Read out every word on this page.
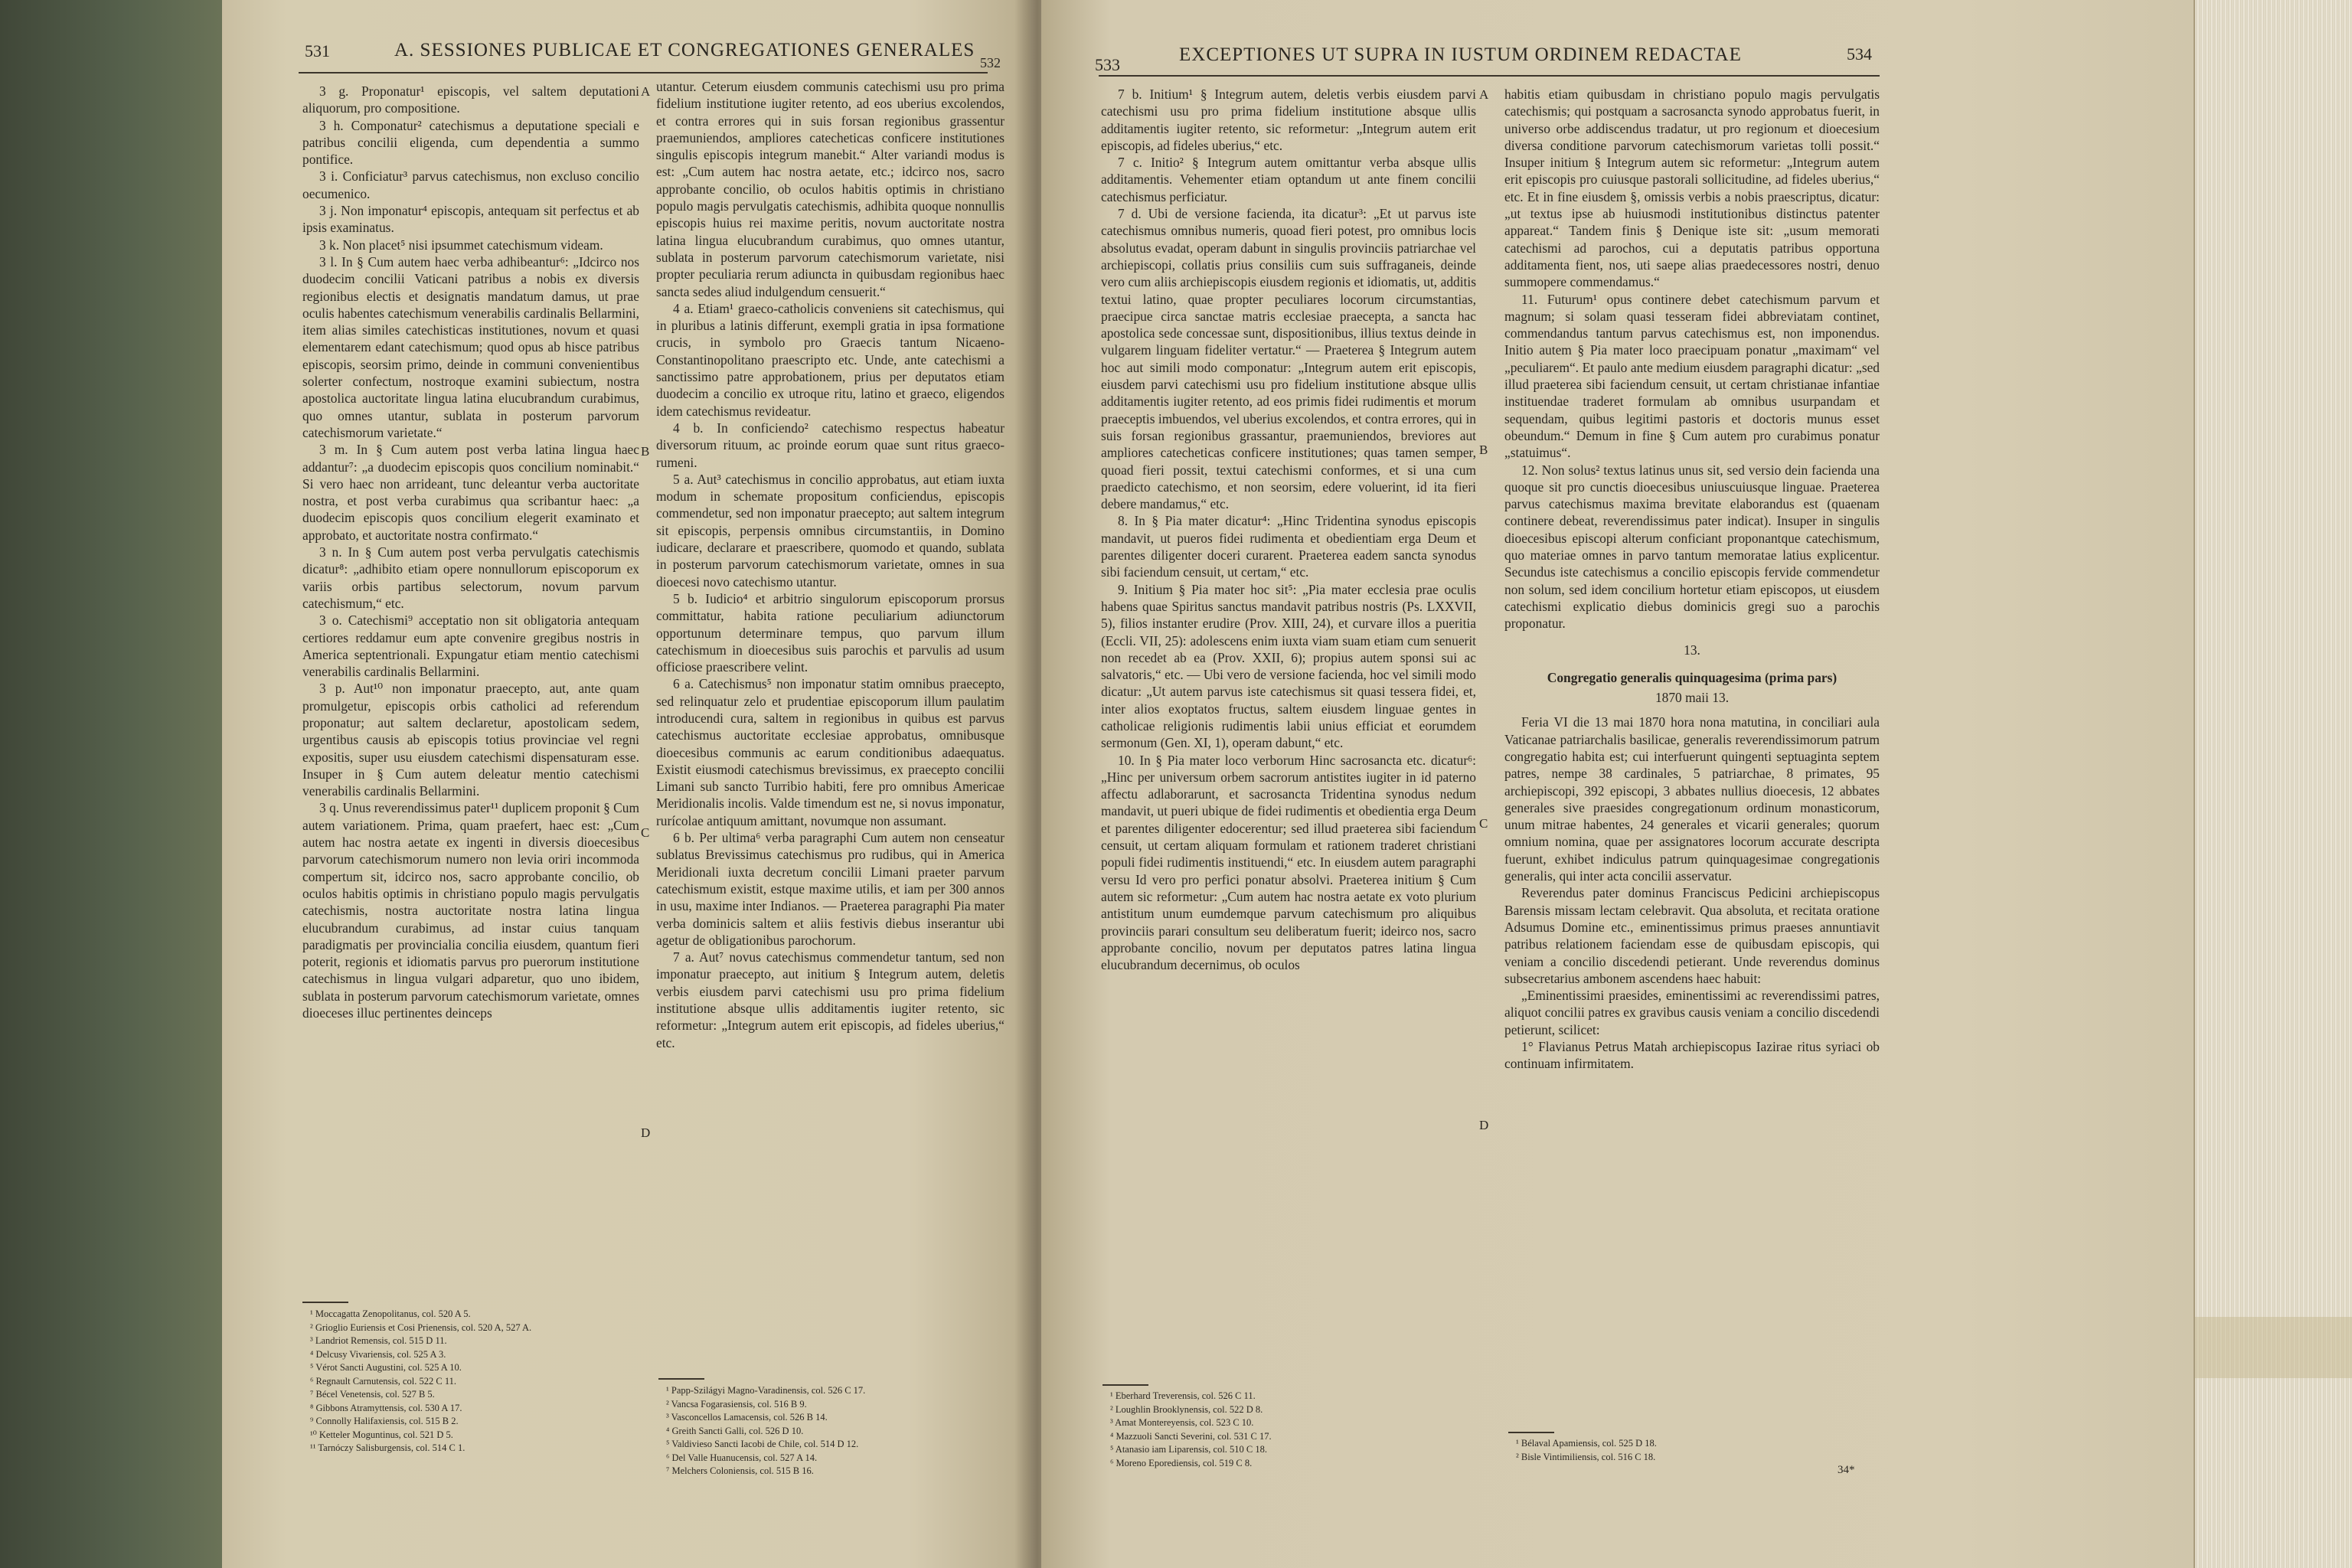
531	A. SESSIONES PUBLICAE ET CONGREGATIONES GENERALES
532

3 g. Proponatur¹ episcopis, vel saltem deputationi aliquorum, pro compositione.

3 h. Componatur² catechismus a deputatione speciali e patribus concilii eligenda, cum dependentia a summo pontifice.

3 i. Conficiatur³ parvus catechismus, non excluso concilio oecumenico.

3 j. Non imponatur⁴ episcopis, antequam sit perfectus et ab ipsis examinatus.

3 k. Non placet⁵ nisi ipsummet catechismum videam.

3 l. In § Cum autem haec verba adhibeantur⁶: „Idcirco nos duodecim concilii Vaticani patribus a nobis ex diversis regionibus electis et designatis mandatum damus, ut prae oculis habentes catechismum venerabilis cardinalis Bellarmini, item alias similes catechisticas institutiones, novum et quasi elementarem edant catechismum; quod opus ab hisce patribus episcopis, seorsim primo, deinde in communi convenientibus solerter confectum, nostroque examini subiectum, nostra apostolica auctoritate lingua latina elucubrandum curabimus, quo omnes utantur, sublata in posterum parvorum catechismorum varietate.“

3 m. In § Cum autem post verba latina lingua haec addantur⁷: „a duodecim episcopis quos concilium nominabit.“ Si vero haec non arrideant, tunc deleantur verba auctoritate nostra, et post verba curabimus qua scribantur haec: „a duodecim episcopis quos concilium elegerit examinato et approbato, et auctoritate nostra confirmato.“

3 n. In § Cum autem post verba pervulgatis catechismis dicatur⁸: „adhibito etiam opere nonnullorum episcoporum ex variis orbis partibus selectorum, novum parvum catechismum,“ etc.

3 o. Catechismi⁹ acceptatio non sit obligatoria antequam certiores reddamur eum apte convenire gregibus nostris in America septentrionali. Expungatur etiam mentio catechismi venerabilis cardinalis Bellarmini.

3 p. Aut¹⁰ non imponatur praecepto, aut, ante quam promulgetur, episcopis orbis catholici ad referendum proponatur; aut saltem declaretur, apostolicam sedem, urgentibus causis ab episcopis totius provinciae vel regni expositis, super usu eiusdem catechismi dispensaturam esse. Insuper in § Cum autem deleatur mentio catechismi venerabilis cardinalis Bellarmini.

3 q. Unus reverendissimus pater¹¹ duplicem proponit § Cum autem variationem. Prima, quam praefert, haec est: „Cum autem hac nostra aetate ex ingenti in diversis dioecesibus parvorum catechismorum numero non levia oriri incommoda compertum sit, idcirco nos, sacro approbante concilio, ob oculos habitis optimis in christiano populo magis pervulgatis catechismis, nostra auctoritate nostra latina lingua elucubrandum curabimus, ad instar cuius tanquam paradigmatis per provincialia concilia eiusdem, quantum fieri poterit, regionis et idiomatis parvus pro puerorum institutione catechismus in lingua vulgari adparetur, quo uno ibidem, sublata in posterum parvorum catechismorum varietate, omnes dioeceses illuc pertinentes deinceps

utantur. Ceterum eiusdem communis catechismi usu pro prima fidelium institutione iugiter retento, ad eos uberius excolendos, et contra errores qui in suis forsan regionibus grassentur praemuniendos, ampliores catecheticas conficere institutiones singulis episcopis integrum manebit.“ Alter variandi modus is est: „Cum autem hac nostra aetate, etc.; idcirco nos, sacro approbante concilio, ob oculos habitis optimis in christiano populo magis pervulgatis catechismis, adhibita quoque nonnullis episcopis huius rei maxime peritis, novum auctoritate nostra latina lingua elucubrandum curabimus, quo omnes utantur, sublata in posterum parvorum catechismorum varietate, nisi propter peculiaria rerum adiuncta in quibusdam regionibus haec sancta sedes aliud indulgendum censuerit.“

4 a. Etiam¹ graeco-catholicis conveniens sit catechismus, qui in pluribus a latinis differunt, exempli gratia in ipsa formatione crucis, in symbolo pro Graecis tantum Nicaeno-Constantinopolitano praescripto etc. Unde, ante catechismi a sanctissimo patre approbationem, prius per deputatos etiam duodecim a concilio ex utroque ritu, latino et graeco, eligendos idem catechismus revideatur.

4 b. In conficiendo² catechismo respectus habeatur diversorum rituum, ac proinde eorum quae sunt ritus graeco-rumeni.

5 a. Aut³ catechismus in concilio approbatus, aut etiam iuxta modum in schemate propositum conficiendus, episcopis commendetur, sed non imponatur praecepto; aut saltem integrum sit episcopis, perpensis omnibus circumstantiis, in Domino iudicare, declarare et praescribere, quomodo et quando, sublata in posterum parvorum catechismorum varietate, omnes in sua dioecesi novo catechismo utantur.

5 b. Iudicio⁴ et arbitrio singulorum episcoporum prorsus committatur, habita ratione peculiarium adiunctorum opportunum determinare tempus, quo parvum illum catechismum in dioecesibus suis parochis et parvulis ad usum officiose praescribere velint.

6 a. Catechismus⁵ non imponatur statim omnibus praecepto, sed relinquatur zelo et prudentiae episcoporum illum paulatim introducendi cura, saltem in regionibus in quibus est parvus catechismus auctoritate ecclesiae approbatus, omnibusque dioecesibus communis ac earum conditionibus adaequatus. Existit eiusmodi catechismus brevissimus, ex praecepto concilii Limani sub sancto Turribio habiti, fere pro omnibus Americae Meridionalis incolis. Valde timendum est ne, si novus imponatur, rurícolae antiquum amittant, novumque non assumant.

6 b. Per ultima⁶ verba paragraphi Cum autem non censeatur sublatus Brevissimus catechismus pro rudibus, qui in America Meridionali iuxta decretum concilii Limani praeter parvum catechismum existit, estque maxime utilis, et iam per 300 annos in usu, maxime inter Indianos. — Praeterea paragraphi Pia mater verba dominicis saltem et aliis festivis diebus inserantur ubi agetur de obligationibus parochorum.

7 a. Aut⁷ novus catechismus commendetur tantum, sed non imponatur praecepto, aut initium § Integrum autem, deletis verbis eiusdem parvi catechismi usu pro prima fidelium institutione absque ullis additamentis iugiter retento, sic reformetur: „Integrum autem erit episcopis, ad fideles uberius,“ etc.

A
B
C
D
¹ Moccagatta Zenopolitanus, col. 520 A 5.
² Grioglio Euriensis et Cosi Prienensis, col. 520 A, 527 A.
³ Landriot Remensis, col. 515 D 11.
⁴ Delcusy Vivariensis, col. 525 A 3.
⁵ Vérot Sancti Augustini, col. 525 A 10.
⁶ Regnault Carnutensis, col. 522 C 11.
⁷ Bécel Venetensis, col. 527 B 5.
⁸ Gibbons Atramyttensis, col. 530 A 17.
⁹ Connolly Halifaxiensis, col. 515 B 2.
¹⁰ Ketteler Moguntinus, col. 521 D 5.
¹¹ Tarnóczy Salisburgensis, col. 514 C 1.
¹ Papp-Szilágyi Magno-Varadinensis, col. 526 C 17.
² Vancsa Fogarasiensis, col. 516 B 9.
³ Vasconcellos Lamacensis, col. 526 B 14.
⁴ Greith Sancti Galli, col. 526 D 10.
⁵ Valdivieso Sancti Iacobi de Chile, col. 514 D 12.
⁶ Del Valle Huanucensis, col. 527 A 14.
⁷ Melchers Coloniensis, col. 515 B 16.
533	EXCEPTIONES UT SUPRA IN IUSTUM ORDINEM REDACTAE	534

7 b. Initium¹ § Integrum autem, deletis verbis eiusdem parvi catechismi usu pro prima fidelium institutione absque ullis additamentis iugiter retento, sic reformetur: „Integrum autem erit episcopis, ad fideles uberius,“ etc.

7 c. Initio² § Integrum autem omittantur verba absque ullis additamentis. Vehementer etiam optandum ut ante finem concilii catechismus perficiatur.

7 d. Ubi de versione facienda, ita dicatur³: „Et ut parvus iste catechismus omnibus numeris, quoad fieri potest, pro omnibus locis absolutus evadat, operam dabunt in singulis provinciis patriarchae vel archiepiscopi, collatis prius consiliis cum suis suffraganeis, deinde vero cum aliis archiepiscopis eiusdem regionis et idiomatis, ut, additis textui latino, quae propter peculiares locorum circumstantias, praecipue circa sanctae matris ecclesiae praecepta, a sancta hac apostolica sede concessae sunt, dispositionibus, illius textus deinde in vulgarem linguam fideliter vertatur.“ — Praeterea § Integrum autem hoc aut simili modo componatur: „Integrum autem erit episcopis, eiusdem parvi catechismi usu pro fidelium institutione absque ullis additamentis iugiter retento, ad eos primis fidei rudimentis et morum praeceptis imbuendos, vel uberius excolendos, et contra errores, qui in suis forsan regionibus grassantur, praemuniendos, breviores aut ampliores catecheticas conficere institutiones; quas tamen semper, quoad fieri possit, textui catechismi conformes, et si una cum praedicto catechismo, et non seorsim, edere voluerint, id ita fieri debere mandamus,“ etc.

8. In § Pia mater dicatur⁴: „Hinc Tridentina synodus episcopis mandavit, ut pueros fidei rudimenta et obedientiam erga Deum et parentes diligenter doceri curarent. Praeterea eadem sancta synodus sibi faciendum censuit, ut certam,“ etc.

9. Initium § Pia mater hoc sit⁵: „Pia mater ecclesia prae oculis habens quae Spiritus sanctus mandavit patribus nostris (Ps. LXXVII, 5), filios instanter erudire (Prov. XIII, 24), et curvare illos a pueritia (Eccli. VII, 25): adolescens enim iuxta viam suam etiam cum senuerit non recedet ab ea (Prov. XXII, 6); propius autem sponsi sui ac salvatoris,“ etc. — Ubi vero de versione facienda, hoc vel simili modo dicatur: „Ut autem parvus iste catechismus sit quasi tessera fidei, et, inter alios exoptatos fructus, saltem eiusdem linguae gentes in catholicae religionis rudimentis labii unius efficiat et eorumdem sermonum (Gen. XI, 1), operam dabunt,“ etc.

10. In § Pia mater loco verborum Hinc sacrosancta etc. dicatur⁶: „Hinc per universum orbem sacrorum antistites iugiter in id paterno affectu adlaborarunt, et sacrosancta Tridentina synodus nedum mandavit, ut pueri ubique de fidei rudimentis et obedientia erga Deum et parentes diligenter edocerentur; sed illud praeterea sibi faciendum censuit, ut certam aliquam formulam et rationem traderet christiani populi fidei rudimentis instituendi,“ etc. In eiusdem autem paragraphi versu Id vero pro perfici ponatur absolvi. Praeterea initium § Cum autem sic reformetur: „Cum autem hac nostra aetate ex voto plurium antistitum unum eumdemque parvum catechismum pro aliquibus provinciis parari consultum seu deliberatum fuerit; ideirco nos, sacro approbante concilio, novum per deputatos patres latina lingua elucubrandum decernimus, ob oculos

habitis etiam quibusdam in christiano populo magis pervulgatis catechismis; qui postquam a sacrosancta synodo approbatus fuerit, in universo orbe addiscendus tradatur, ut pro regionum et dioecesium diversa conditione parvorum catechismorum varietas tolli possit.“ Insuper initium § Integrum autem sic reformetur: „Integrum autem erit episcopis pro cuiusque pastorali sollicitudine, ad fideles uberius,“ etc. Et in fine eiusdem §, omissis verbis a nobis praescriptus, dicatur: „ut textus ipse ab huiusmodi institutionibus distinctus patenter appareat.“ Tandem finis § Denique iste sit: „usum memorati catechismi ad parochos, cui a deputatis patribus opportuna additamenta fient, nos, uti saepe alias praedecessores nostri, denuo summopere commendamus.“

11. Futurum¹ opus continere debet catechismum parvum et magnum; si solam quasi tesseram fidei abbreviatam continet, commendandus tantum parvus catechismus est, non imponendus. Initio autem § Pia mater loco praecipuam ponatur „maximam“ vel „peculiarem“. Et paulo ante medium eiusdem paragraphi dicatur: „sed illud praeterea sibi faciendum censuit, ut certam christianae infantiae instituendae traderet formulam ab omnibus usurpandam et sequendam, quibus legitimi pastoris et doctoris munus esset obeundum.“ Demum in fine § Cum autem pro curabimus ponatur „statuimus“.

12. Non solus² textus latinus unus sit, sed versio dein facienda una quoque sit pro cunctis dioecesibus uniuscuiusque linguae. Praeterea parvus catechismus maxima brevitate elaborandus est (quaenam continere debeat, reverendissimus pater indicat). Insuper in singulis dioecesibus episcopi alterum conficiant proponantque catechismum, quo materiae omnes in parvo tantum memoratae latius explicentur. Secundus iste catechismus a concilio episcopis fervide commendetur non solum, sed idem concilium hortetur etiam episcopos, ut eiusdem catechismi explicatio diebus dominicis gregi suo a parochis proponatur.

13.

Congregatio generalis quinquagesima (prima pars)

1870 maii 13.

Feria VI die 13 mai 1870 hora nona matutina, in conciliari aula Vaticanae patriarchalis basilicae, generalis reverendissimorum patrum congregatio habita est; cui interfuerunt quingenti septuaginta septem patres, nempe 38 cardinales, 5 patriarchae, 8 primates, 95 archiepiscopi, 392 episcopi, 3 abbates nullius dioecesis, 12 abbates generales sive praesides congregationum ordinum monasticorum, unum mitrae habentes, 24 generales et vicarii generales; quorum omnium nomina, quae per assignatores locorum accurate descripta fuerunt, exhibet indiculus patrum quinquagesimae congregationis generalis, qui inter acta concilii asservatur.

Reverendus pater dominus Franciscus Pedicini archiepiscopus Barensis missam lectam celebravit. Qua absoluta, et recitata oratione Adsumus Domine etc., eminentissimus primus praeses annuntiavit patribus relationem faciendam esse de quibusdam episcopis, qui veniam a concilio discedendi petierant. Unde reverendus dominus subsecretarius ambonem ascendens haec habuit:

„Eminentissimi praesides, eminentissimi ac reverendissimi patres, aliquot concilii patres ex gravibus causis veniam a concilio discedendi petierunt, scilicet:

1° Flavianus Petrus Matah archiepiscopus Iaziraе ritus syriaci ob continuam infirmitatem.

A
B
C
D
¹ Eberhard Treverensis, col. 526 C 11.
² Loughlin Brooklynensis, col. 522 D 8.
³ Amat Montereyensis, col. 523 C 10.
⁴ Mazzuoli Sancti Severini, col. 531 C 17.
⁵ Atanasio iam Liparensis, col. 510 C 18.
⁶ Moreno Eporediensis, col. 519 C 8.
¹ Bélaval Apamiensis, col. 525 D 18.
² Bisle Vintimiliensis, col. 516 C 18.
34*
